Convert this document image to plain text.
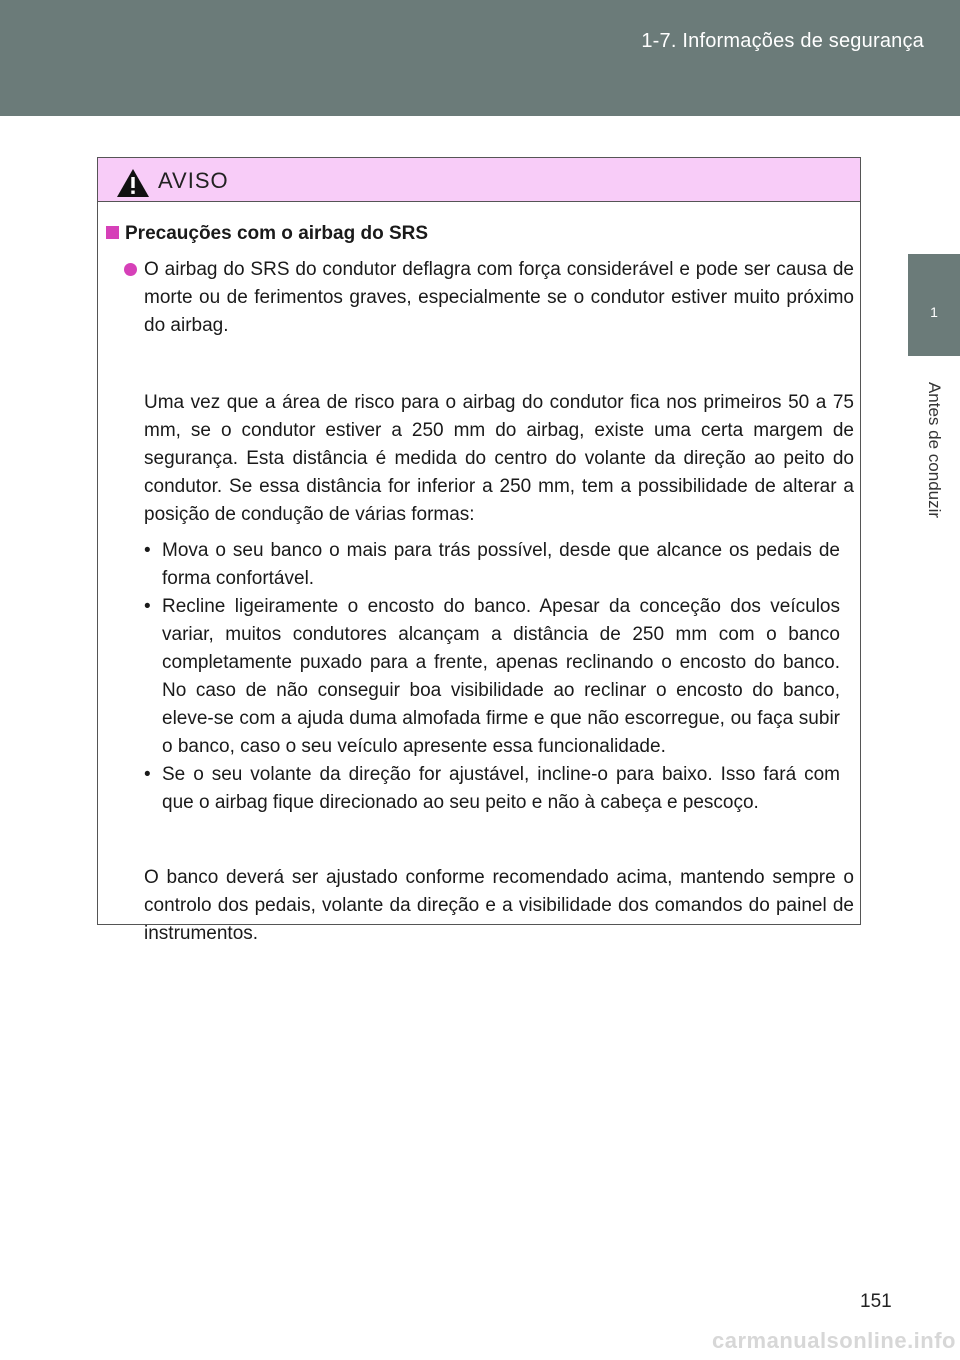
1-7. Informações de segurança
1
Antes de conduzir
AVISO
Precauções com o airbag do SRS

O airbag do SRS do condutor deflagra com força considerável e pode ser causa de morte ou de ferimentos graves, especialmente se o condutor estiver muito próximo do airbag.

Uma vez que a área de risco para o airbag do condutor fica nos primeiros 50 a 75 mm, se o condutor estiver a 250 mm do airbag, existe uma certa margem de segurança. Esta distância é medida do centro do volante da direção ao peito do condutor. Se essa distância for inferior a 250 mm, tem a possibilidade de alterar a posição de condução de várias formas:

• Mova o seu banco o mais para trás possível, desde que alcance os pedais de forma confortável.
• Recline ligeiramente o encosto do banco. Apesar da conceção dos veículos variar, muitos condutores alcançam a distância de 250 mm com o banco completamente puxado para a frente, apenas reclinando o encosto do banco. No caso de não conseguir boa visibilidade ao reclinar o encosto do banco, eleve-se com a ajuda duma almofada firme e que não escorregue, ou faça subir o banco, caso o seu veículo apresente essa funcionalidade.
• Se o seu volante da direção for ajustável, incline-o para baixo. Isso fará com que o airbag fique direcionado ao seu peito e não à cabeça e pescoço.

O banco deverá ser ajustado conforme recomendado acima, mantendo sempre o controlo dos pedais, volante da direção e a visibilidade dos comandos do painel de instrumentos.

151
carmanualsonline.info
